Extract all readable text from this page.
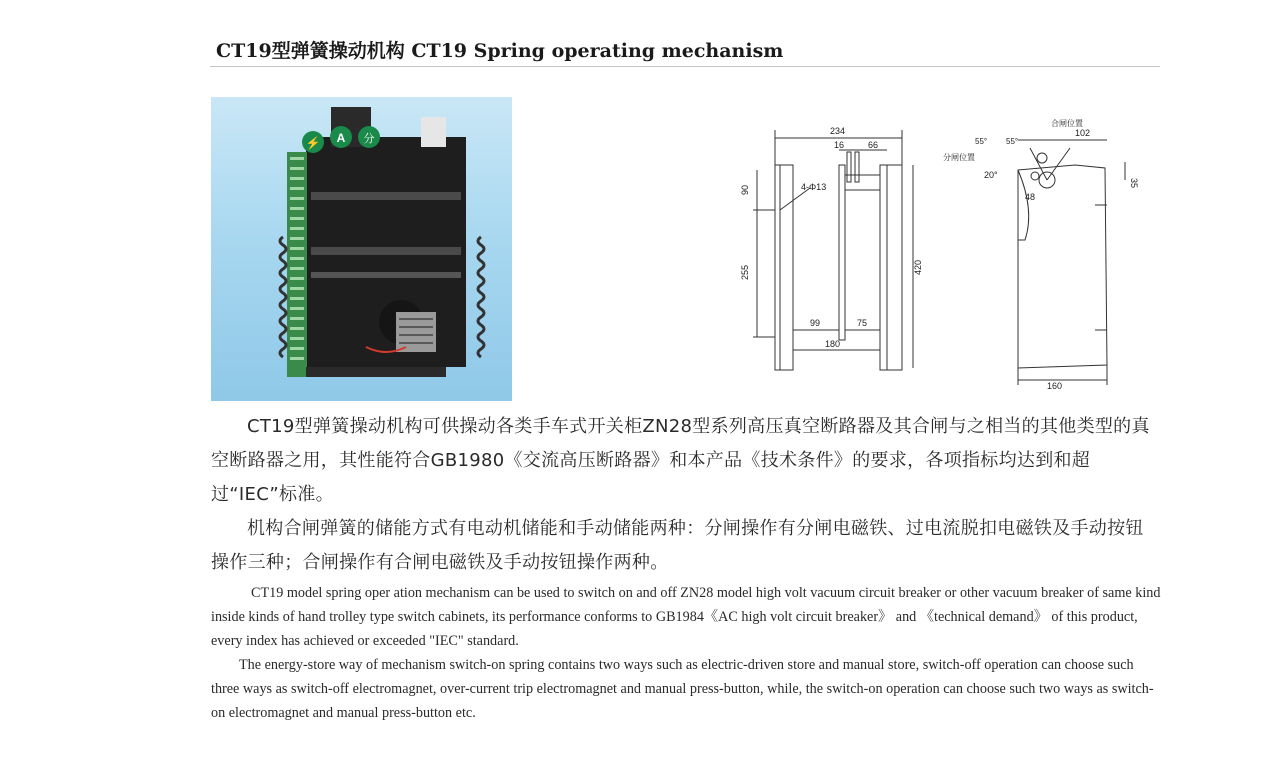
CT19型弹簧操动机构 CT19 Spring operating mechanism
⚡ A 分
234
16	66
90
255	420
4-Φ13
99	75
180
合闸位置
分闸位置
55° 55°
102
20°
35
48
160

CT19型弹簧操动机构可供操动各类手车式开关柜ZN28型系列高压真空断路器及其合闸与之相当的其他类型的真空断路器之用，其性能符合GB1980《交流高压断路器》和本产品《技术条件》的要求，各项指标均达到和超过“IEC”标准。

机构合闸弹簧的储能方式有电动机储能和手动储能两种：分闸操作有分闸电磁铁、过电流脱扣电磁铁及手动按钮操作三种；合闸操作有合闸电磁铁及手动按钮操作两种。

CT19 model spring oper ation mechanism can be used to switch on and off ZN28 model high volt vacuum circuit breaker or other vacuum breaker of same kind inside kinds of hand trolley type switch cabinets, its performance conforms to GB1984《AC high volt circuit breaker》 and 《technical demand》 of this product, every index has achieved or exceeded "IEC" standard.

The energy-store way of mechanism switch-on spring contains two ways such as electric-driven store and manual store, switch-off operation can choose such three ways as switch-off electromagnet, over-current trip electromagnet and manual press-button, while, the switch-on operation can choose such two ways as switch-on electromagnet and manual press-button etc.
